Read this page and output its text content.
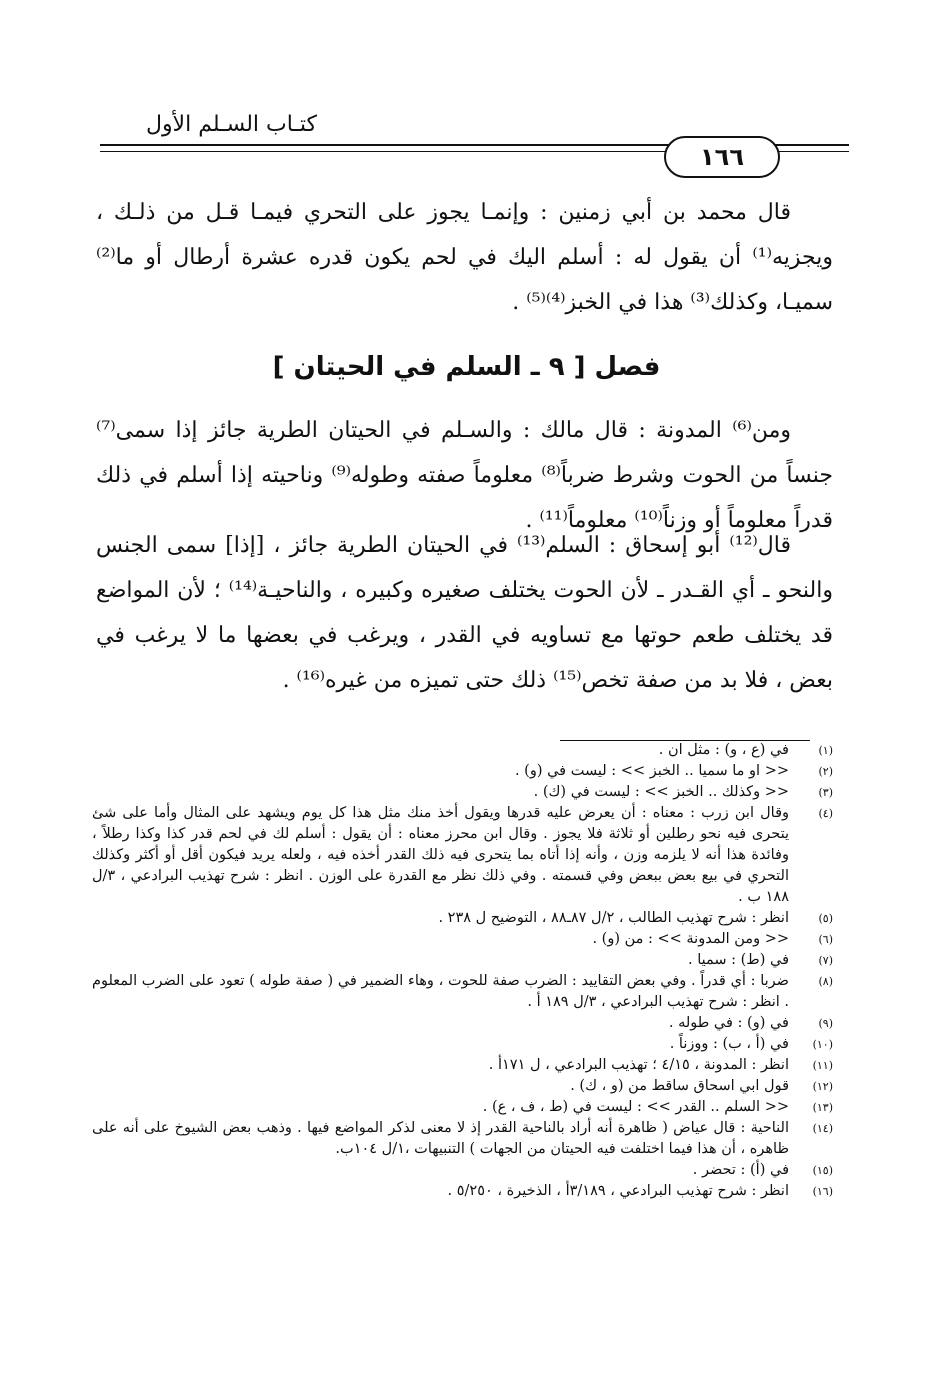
كتـاب السـلم الأول
١٦٦
قال محمد بن أبي زمنين : وإنمـا يجوز على التحري فيمـا قـل من ذلـك ، ويجزيه⁽¹⁾ أن يقول له : أسلم اليك في لحم يكون قدره عشرة أرطال أو ما⁽²⁾ سميـا، وكذلك⁽³⁾ هذا في الخبز⁽⁴⁾⁽⁵⁾ .
فصل [ ٩ ـ السلم في الحيتان ]
ومن⁽⁶⁾ المدونة : قال مالك : والسـلم في الحيتان الطرية جائز إذا سمى⁽⁷⁾ جنساً من الحوت وشرط ضرباً⁽⁸⁾ معلوماً صفته وطوله⁽⁹⁾ وناحيته إذا أسلم في ذلك قدراً معلوماً أو وزناً⁽¹⁰⁾ معلوماً⁽¹¹⁾ .
قال⁽¹²⁾ أبو إسحاق : السلم⁽¹³⁾ في الحيتان الطرية جائز ، [إذا] سمى الجنس والنحو ـ أي القـدر ـ لأن الحوت يختلف صغيره وكبيره ، والناحيـة⁽¹⁴⁾ ؛ لأن المواضع قد يختلف طعم حوتها مع تساويه في القدر ، ويرغب في بعضها ما لا يرغب في بعض ، فلا بد من صفة تخص⁽¹⁵⁾ ذلك حتى تميزه من غيره⁽¹⁶⁾ .
(١)
في (ع ، و) : مثل ان .
(٢)
<< او ما سميا .. الخبز >> : ليست في (و) .
(٣)
<< وكذلك .. الخبز >> : ليست في (ك) .
(٤)
وقال ابن زرب : معناه : أن يعرض عليه قدرها ويقول أخذ منك مثل هذا كل يوم ويشهد على المثال وأما على شئ يتحرى فيه نحو رطلين أو ثلاثة فلا يجوز . وقال ابن محرز معناه : أن يقول : أسلم لك في لحم قدر كذا وكذا رطلاً ، وفائدة هذا أنه لا يلزمه وزن ، وأنه إذا أتاه بما يتحرى فيه ذلك القدر أخذه فيه ، ولعله يريد فيكون أقل أو أكثر وكذلك التحري في بيع بعض ببعض وفي قسمته . وفي ذلك نظر مع القدرة على الوزن . انظر : شرح تهذيب البرادعي ، ٣/ل ١٨٨ ب .
(٥)
انظر : شرح تهذيب الطالب ، ٢/ل ٨٧ـ٨٨ ، التوضيح ل ٢٣٨ .
(٦)
<< ومن المدونة >> : من (و) .
(٧)
في (ط) : سميا .
(٨)
ضربا : أي قدراً . وفي بعض التقاييد : الضرب صفة للحوت ، وهاء الضمير في ( صفة طوله ) تعود على الضرب المعلوم . انظر : شرح تهذيب البرادعي ، ٣/ل ١٨٩ أ .
(٩)
في (و) : في طوله .
(١٠)
في (أ ، ب) : ووزناً .
(١١)
انظر : المدونة ، ٤/١٥ ؛ تهذيب البرادعي ، ل ١٧١أ .
(١٢)
قول ابي اسحاق ساقط من (و ، ك) .
(١٣)
<< السلم .. القدر >> : ليست في (ط ، ف ، ع) .
(١٤)
الناحية : قال عياض ( ظاهرة أنه أراد بالناحية القدر إذ لا معنى لذكر المواضع فيها . وذهب بعض الشيوخ على أنه على ظاهره ، أن هذا فيما اختلفت فيه الحيتان من الجهات ) التنبيهات ،١/ل ١٠٤ب.
(١٥)
في (أ) : تحضر .
(١٦)
انظر : شرح تهذيب البرادعي ، ٣/١٨٩أ ، الذخيرة ، ٥/٢٥٠ .
